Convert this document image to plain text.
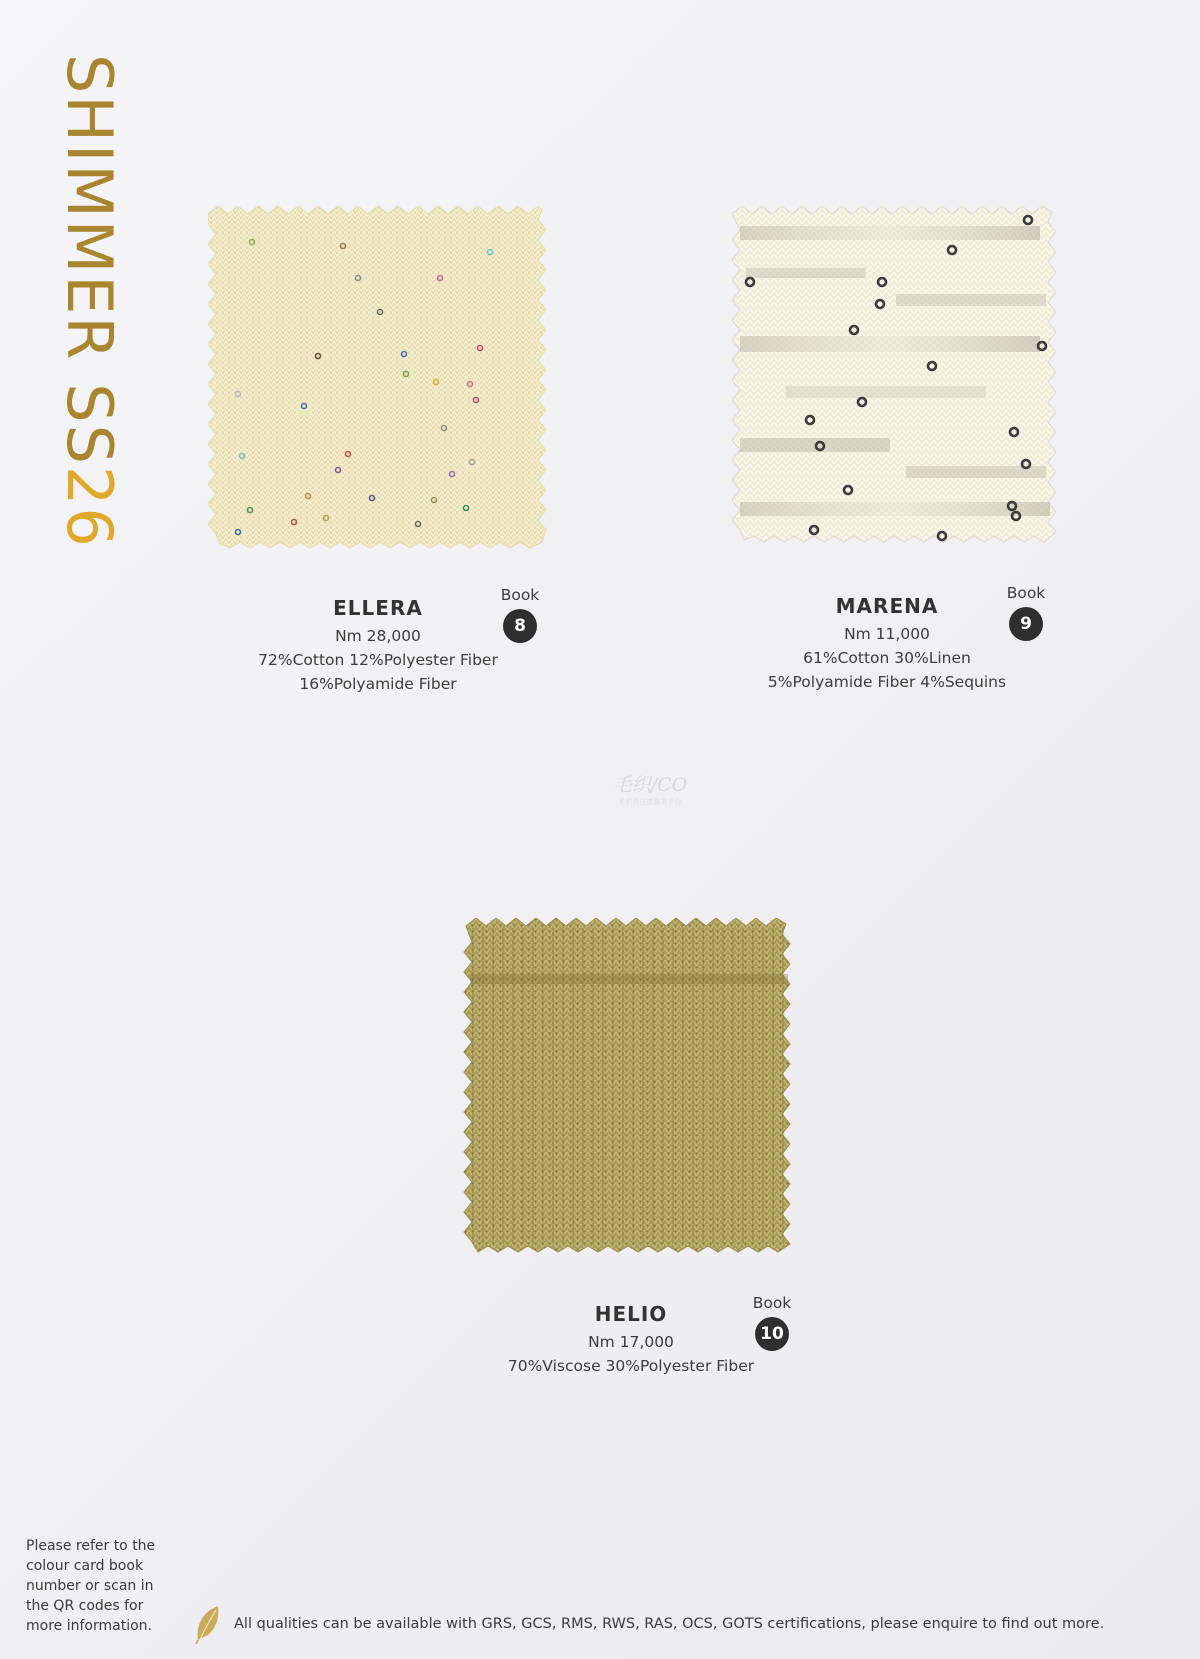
SHIMMER SS26
ELLERA
Nm 28,000
72%Cotton 12%Polyester Fiber
16%Polyamide Fiber
Book
8
MARENA
Nm 11,000
61%Cotton 30%Linen
5%Polyamide Fiber 4%Sequins
Book
9
毛织/CO
毛织供应链服务平台
HELIO
Nm 17,000
70%Viscose 30%Polyester Fiber
Book
10
Please refer to the colour card book number or scan in the QR codes for more information.	All qualities can be available with GRS, GCS, RMS, RWS, RAS, OCS, GOTS certifications, please enquire to find out more.
